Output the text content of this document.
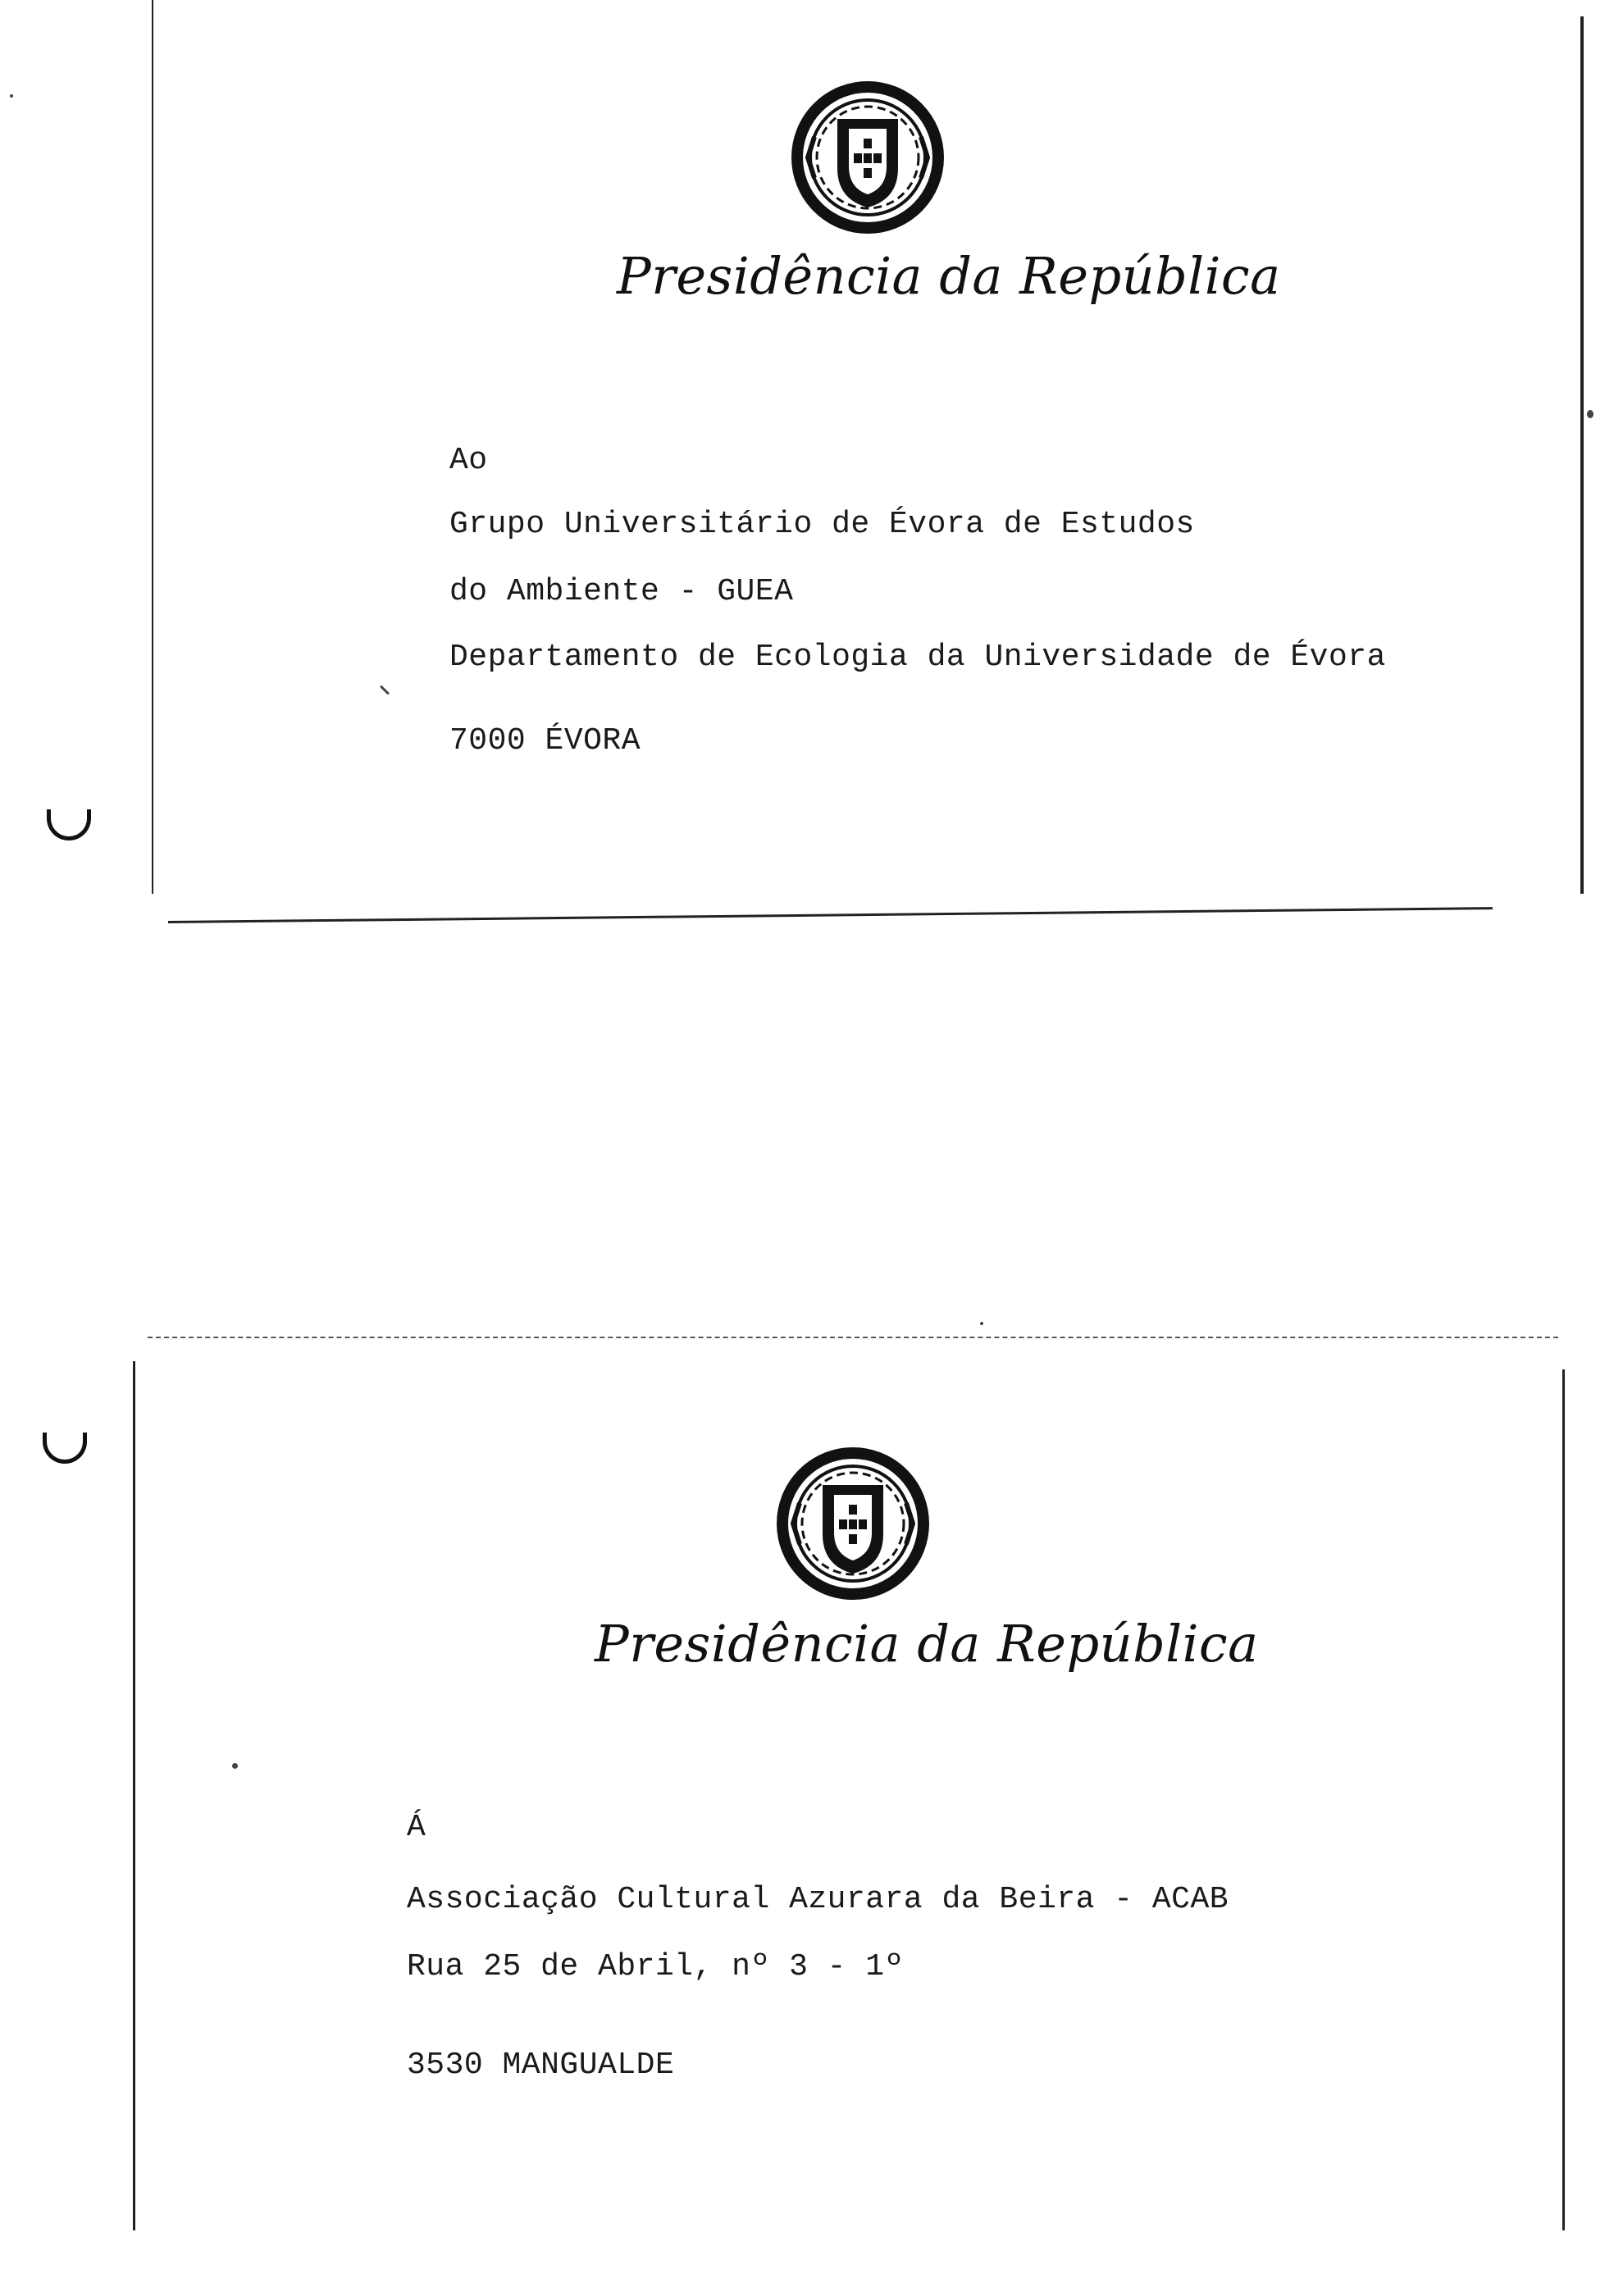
Presidência da República
Ao
Grupo Universitário de Évora de Estudos
do Ambiente - GUEA
Departamento de Ecologia da Universidade de Évora
7000 ÉVORA
Presidência da República
Á
Associação Cultural Azurara da Beira - ACAB
Rua 25 de Abril, nº 3 - 1º
3530 MANGUALDE
